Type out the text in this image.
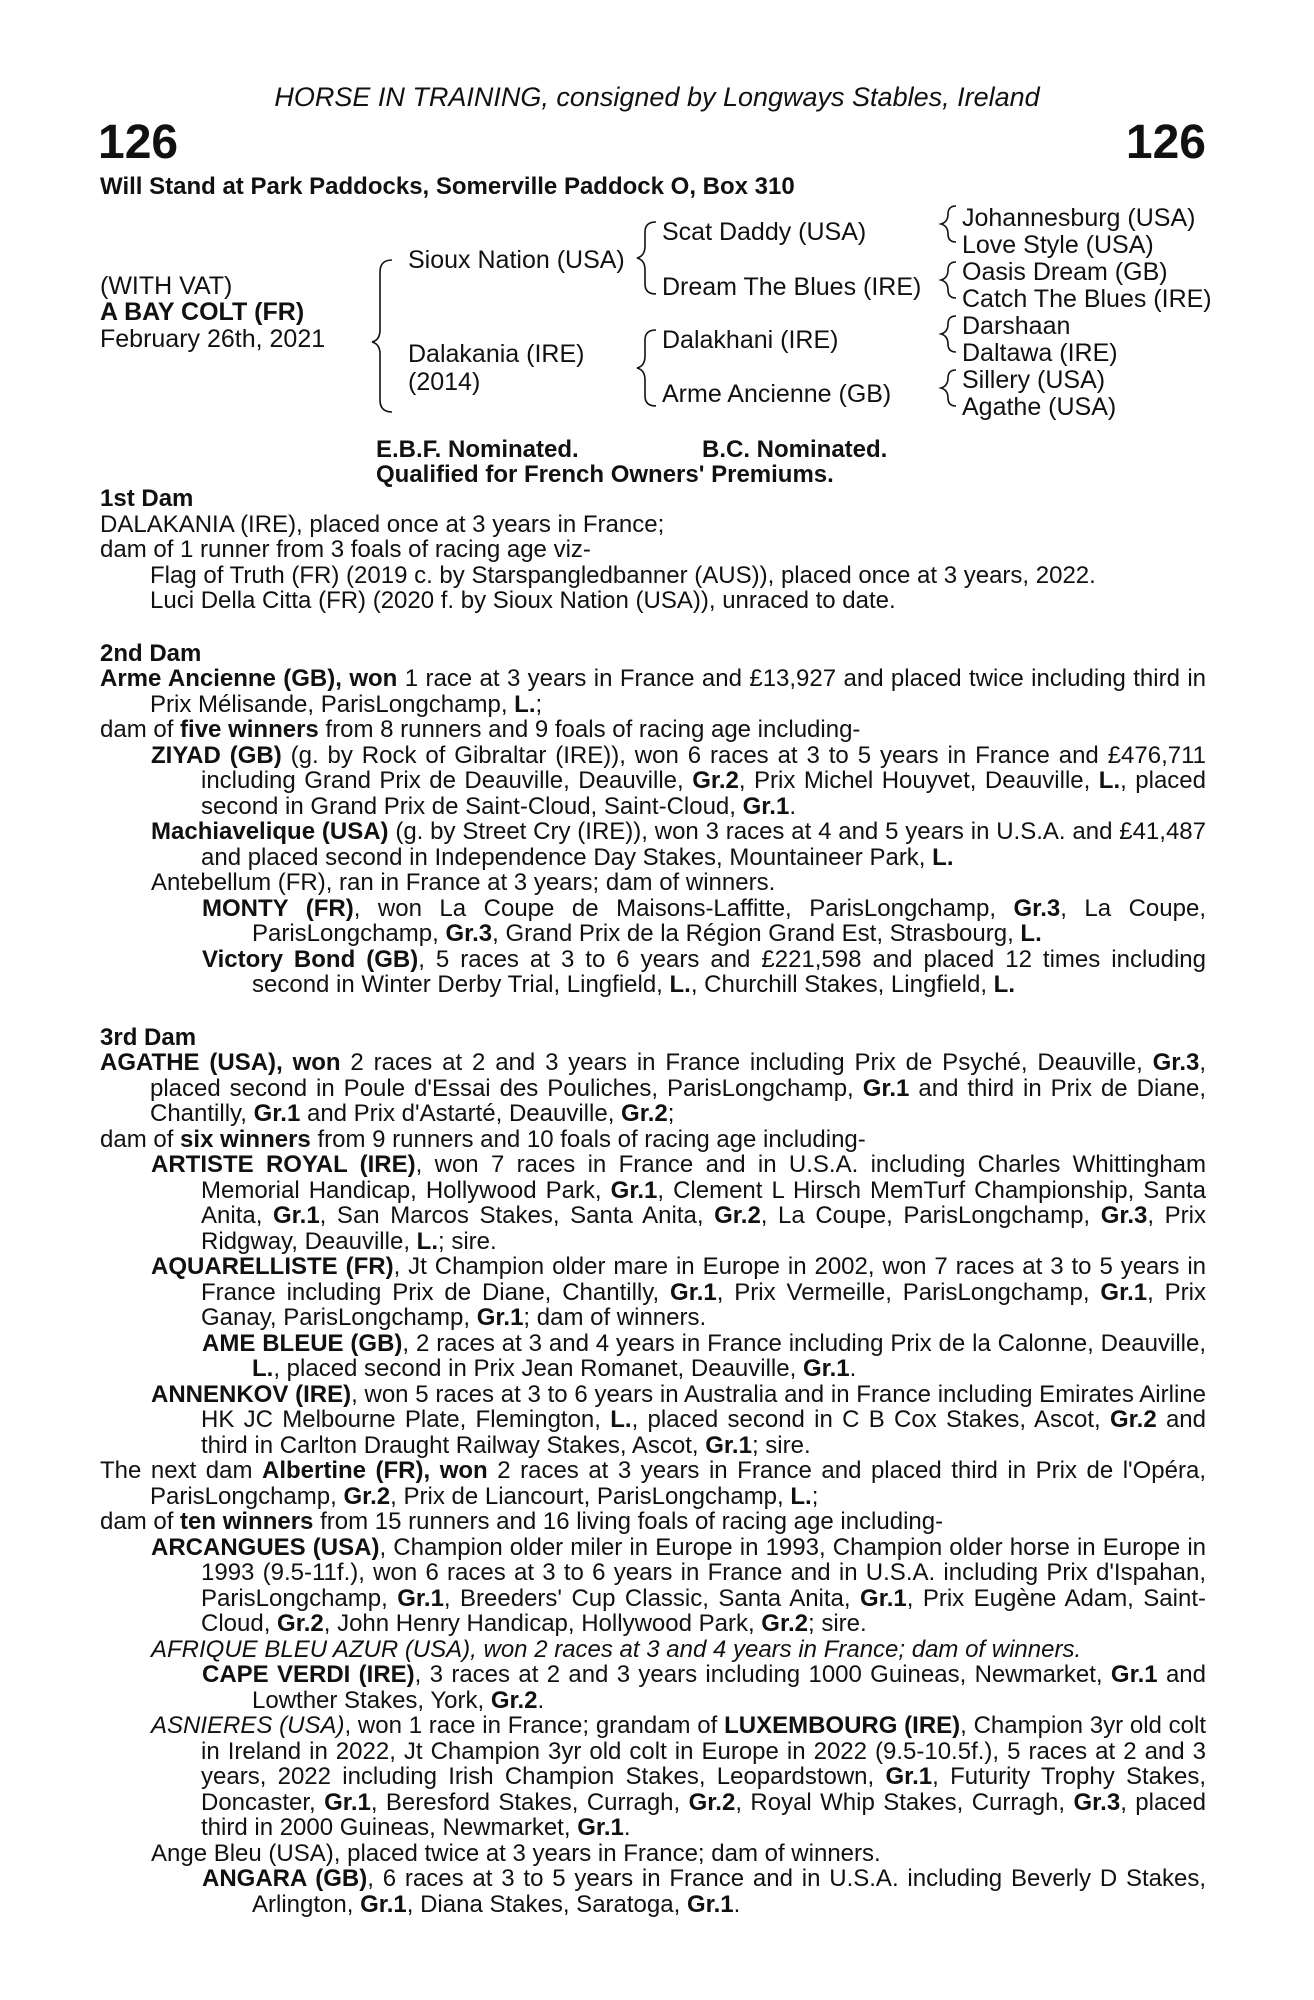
HORSE IN TRAINING, consigned by Longways Stables, Ireland
126	126
Will Stand at Park Paddocks, Somerville Paddock O, Box 310
(WITH VAT)
A BAY COLT (FR)
February 26th, 2021
Sioux Nation (USA)
Dalakania (IRE)
(2014)
Scat Daddy (USA)
Dream The Blues (IRE)
Dalakhani (IRE)
Arme Ancienne (GB)
Johannesburg (USA)
Love Style (USA)
Oasis Dream (GB)
Catch The Blues (IRE)
Darshaan
Daltawa (IRE)
Sillery (USA)
Agathe (USA)
E.B.F. Nominated.	B.C. Nominated.
Qualified for French Owners' Premiums.
1st Dam
DALAKANIA (IRE), placed once at 3 years in France;
dam of 1 runner from 3 foals of racing age viz-
Flag of Truth (FR) (2019 c. by Starspangledbanner (AUS)), placed once at 3 years, 2022.
Luci Della Citta (FR) (2020 f. by Sioux Nation (USA)), unraced to date.
2nd Dam
Arme Ancienne (GB), won 1 race at 3 years in France and £13,927 and placed twice including third in Prix Mélisande, ParisLongchamp, L.;
dam of five winners from 8 runners and 9 foals of racing age including-
ZIYAD (GB) (g. by Rock of Gibraltar (IRE)), won 6 races at 3 to 5 years in France and £476,711 including Grand Prix de Deauville, Deauville, Gr.2, Prix Michel Houyvet, Deauville, L., placed second in Grand Prix de Saint-Cloud, Saint-Cloud, Gr.1.
Machiavelique (USA) (g. by Street Cry (IRE)), won 3 races at 4 and 5 years in U.S.A. and £41,487 and placed second in Independence Day Stakes, Mountaineer Park, L.
Antebellum (FR), ran in France at 3 years; dam of winners.
MONTY (FR), won La Coupe de Maisons-Laffitte, ParisLongchamp, Gr.3, La Coupe, ParisLongchamp, Gr.3, Grand Prix de la Région Grand Est, Strasbourg, L.
Victory Bond (GB), 5 races at 3 to 6 years and £221,598 and placed 12 times including second in Winter Derby Trial, Lingfield, L., Churchill Stakes, Lingfield, L.
3rd Dam
AGATHE (USA), won 2 races at 2 and 3 years in France including Prix de Psyché, Deauville, Gr.3, placed second in Poule d'Essai des Pouliches, ParisLongchamp, Gr.1 and third in Prix de Diane, Chantilly, Gr.1 and Prix d'Astarté, Deauville, Gr.2;
dam of six winners from 9 runners and 10 foals of racing age including-
ARTISTE ROYAL (IRE), won 7 races in France and in U.S.A. including Charles Whittingham Memorial Handicap, Hollywood Park, Gr.1, Clement L Hirsch MemTurf Championship, Santa Anita, Gr.1, San Marcos Stakes, Santa Anita, Gr.2, La Coupe, ParisLongchamp, Gr.3, Prix Ridgway, Deauville, L.; sire.
AQUARELLISTE (FR), Jt Champion older mare in Europe in 2002, won 7 races at 3 to 5 years in France including Prix de Diane, Chantilly, Gr.1, Prix Vermeille, ParisLongchamp, Gr.1, Prix Ganay, ParisLongchamp, Gr.1; dam of winners.
AME BLEUE (GB), 2 races at 3 and 4 years in France including Prix de la Calonne, Deauville, L., placed second in Prix Jean Romanet, Deauville, Gr.1.
ANNENKOV (IRE), won 5 races at 3 to 6 years in Australia and in France including Emirates Airline HK JC Melbourne Plate, Flemington, L., placed second in C B Cox Stakes, Ascot, Gr.2 and third in Carlton Draught Railway Stakes, Ascot, Gr.1; sire.
The next dam Albertine (FR), won 2 races at 3 years in France and placed third in Prix de l'Opéra, ParisLongchamp, Gr.2, Prix de Liancourt, ParisLongchamp, L.;
dam of ten winners from 15 runners and 16 living foals of racing age including-
ARCANGUES (USA), Champion older miler in Europe in 1993, Champion older horse in Europe in 1993 (9.5-11f.), won 6 races at 3 to 6 years in France and in U.S.A. including Prix d'Ispahan, ParisLongchamp, Gr.1, Breeders' Cup Classic, Santa Anita, Gr.1, Prix Eugène Adam, Saint-Cloud, Gr.2, John Henry Handicap, Hollywood Park, Gr.2; sire.
AFRIQUE BLEU AZUR (USA), won 2 races at 3 and 4 years in France; dam of winners.
CAPE VERDI (IRE), 3 races at 2 and 3 years including 1000 Guineas, Newmarket, Gr.1 and Lowther Stakes, York, Gr.2.
ASNIERES (USA), won 1 race in France; grandam of LUXEMBOURG (IRE), Champion 3yr old colt in Ireland in 2022, Jt Champion 3yr old colt in Europe in 2022 (9.5-10.5f.), 5 races at 2 and 3 years, 2022 including Irish Champion Stakes, Leopardstown, Gr.1, Futurity Trophy Stakes, Doncaster, Gr.1, Beresford Stakes, Curragh, Gr.2, Royal Whip Stakes, Curragh, Gr.3, placed third in 2000 Guineas, Newmarket, Gr.1.
Ange Bleu (USA), placed twice at 3 years in France; dam of winners.
ANGARA (GB), 6 races at 3 to 5 years in France and in U.S.A. including Beverly D Stakes, Arlington, Gr.1, Diana Stakes, Saratoga, Gr.1.
